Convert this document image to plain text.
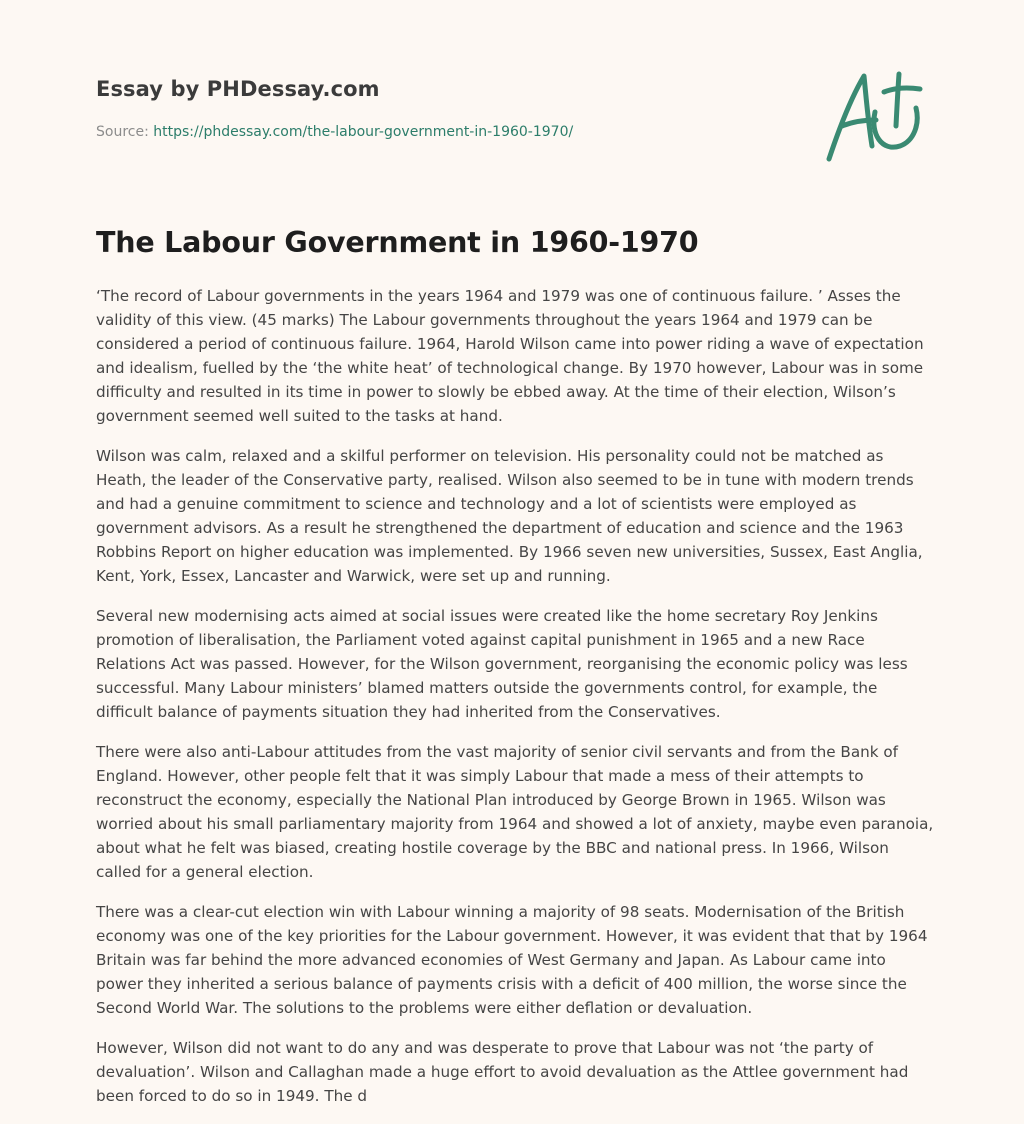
Essay by PHDessay.com
Source: https://phdessay.com/the-labour-government-in-1960-1970/
The Labour Government in 1960-1970

‘The record of Labour governments in the years 1964 and 1979 was one of continuous failure. ’ Asses the validity of this view. (45 marks) The Labour governments throughout the years 1964 and 1979 can be considered a period of continuous failure. 1964, Harold Wilson came into power riding a wave of expectation and idealism, fuelled by the ‘the white heat’ of technological change. By 1970 however, Labour was in some difficulty and resulted in its time in power to slowly be ebbed away. At the time of their election, Wilson’s government seemed well suited to the tasks at hand.

Wilson was calm, relaxed and a skilful performer on television. His personality could not be matched as Heath, the leader of the Conservative party, realised. Wilson also seemed to be in tune with modern trends and had a genuine commitment to science and technology and a lot of scientists were employed as government advisors. As a result he strengthened the department of education and science and the 1963 Robbins Report on higher education was implemented. By 1966 seven new universities, Sussex, East Anglia, Kent, York, Essex, Lancaster and Warwick, were set up and running.

Several new modernising acts aimed at social issues were created like the home secretary Roy Jenkins promotion of liberalisation, the Parliament voted against capital punishment in 1965 and a new Race Relations Act was passed. However, for the Wilson government, reorganising the economic policy was less successful. Many Labour ministers’ blamed matters outside the governments control, for example, the difficult balance of payments situation they had inherited from the Conservatives.

There were also anti-Labour attitudes from the vast majority of senior civil servants and from the Bank of England. However, other people felt that it was simply Labour that made a mess of their attempts to reconstruct the economy, especially the National Plan introduced by George Brown in 1965. Wilson was worried about his small parliamentary majority from 1964 and showed a lot of anxiety, maybe even paranoia, about what he felt was biased, creating hostile coverage by the BBC and national press. In 1966, Wilson called for a general election.

There was a clear-cut election win with Labour winning a majority of 98 seats. Modernisation of the British economy was one of the key priorities for the Labour government. However, it was evident that that by 1964 Britain was far behind the more advanced economies of West Germany and Japan. As Labour came into power they inherited a serious balance of payments crisis with a deficit of 400 million, the worse since the Second World War. The solutions to the problems were either deflation or devaluation.

However, Wilson did not want to do any and was desperate to prove that Labour was not ‘the party of devaluation’. Wilson and Callaghan made a huge effort to avoid devaluation as the Attlee government had been forced to do so in 1949. The d
